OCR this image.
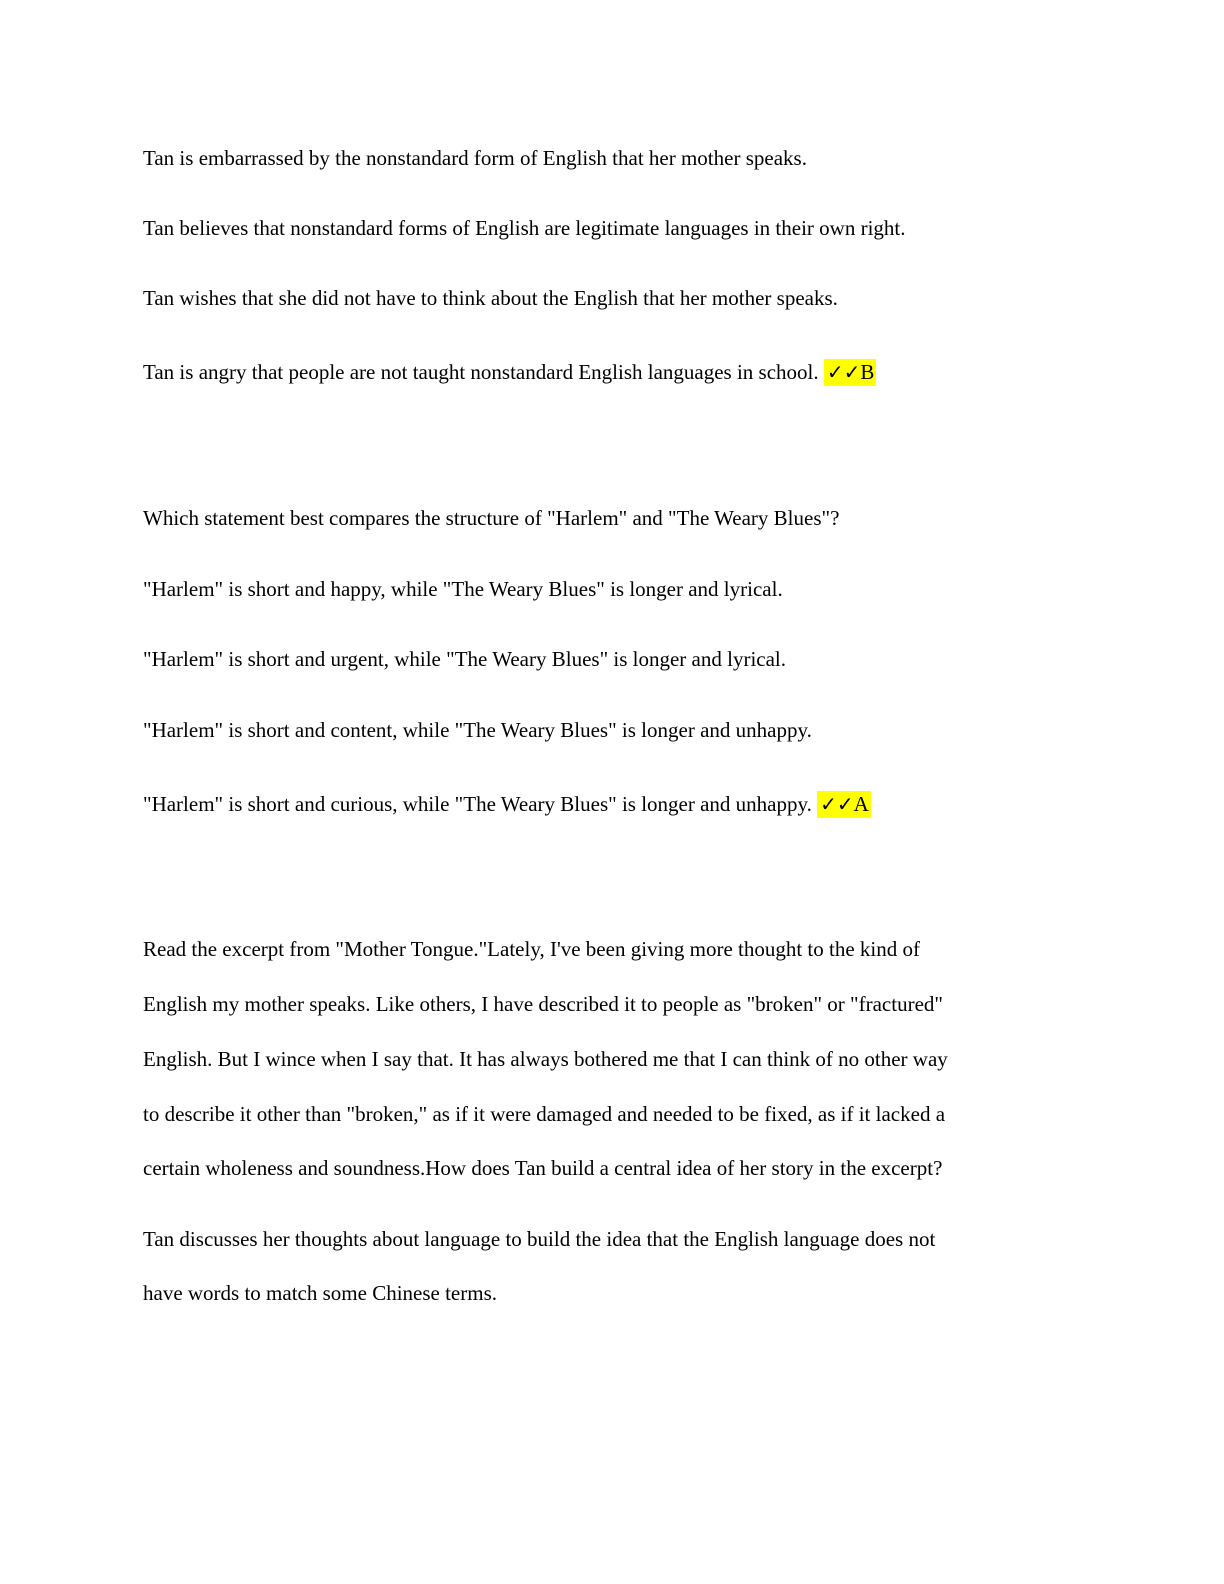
Tan is embarrassed by the nonstandard form of English that her mother speaks.
Tan believes that nonstandard forms of English are legitimate languages in their own right.
Tan wishes that she did not have to think about the English that her mother speaks.
Tan is angry that people are not taught nonstandard English languages in school. ✓✓B
Which statement best compares the structure of "Harlem" and "The Weary Blues"?
"Harlem" is short and happy, while "The Weary Blues" is longer and lyrical.
"Harlem" is short and urgent, while "The Weary Blues" is longer and lyrical.
"Harlem" is short and content, while "The Weary Blues" is longer and unhappy.
"Harlem" is short and curious, while "The Weary Blues" is longer and unhappy. ✓✓A
Read the excerpt from "Mother Tongue."Lately, I've been giving more thought to the kind of
English my mother speaks. Like others, I have described it to people as "broken" or "fractured"
English. But I wince when I say that. It has always bothered me that I can think of no other way
to describe it other than "broken," as if it were damaged and needed to be fixed, as if it lacked a
certain wholeness and soundness.How does Tan build a central idea of her story in the excerpt?
Tan discusses her thoughts about language to build the idea that the English language does not
have words to match some Chinese terms.
